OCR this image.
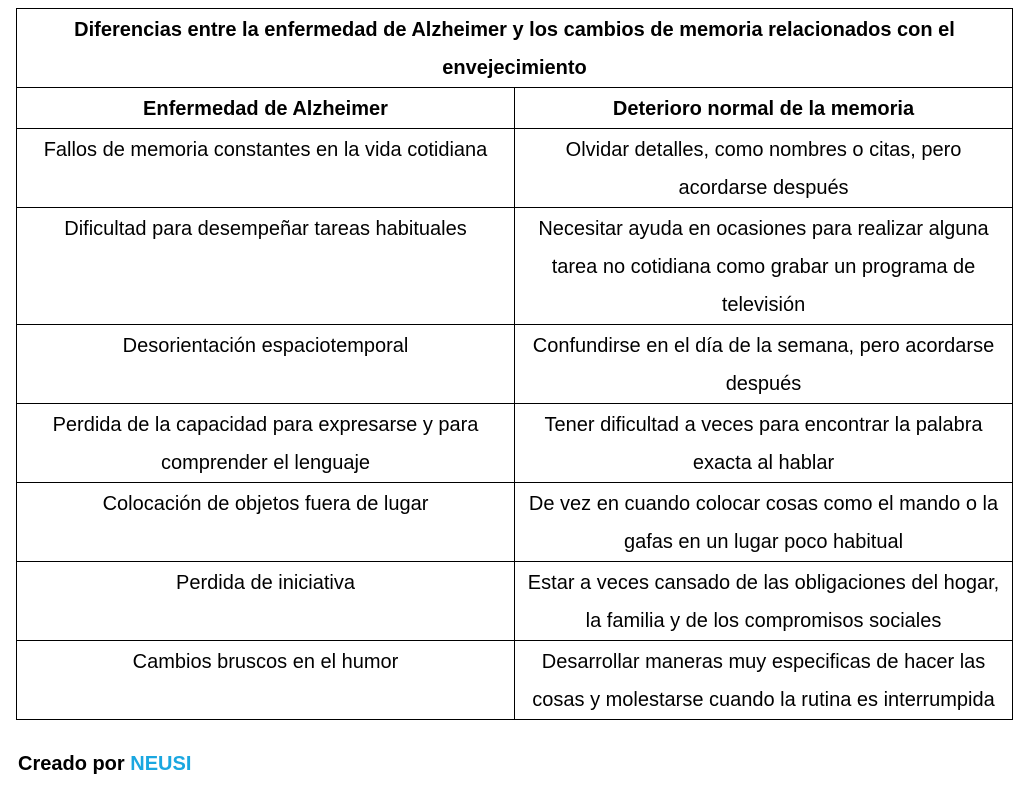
Diferencias entre la enfermedad de Alzheimer y los cambios de memoria relacionados con el envejecimiento	
Enfermedad de Alzheimer	Deterioro normal de la memoria
Fallos de memoria constantes en la vida cotidiana	Olvidar detalles, como nombres o citas, pero acordarse después
Dificultad para desempeñar tareas habituales	Necesitar ayuda en ocasiones para realizar alguna tarea no cotidiana como grabar un programa de televisión
Desorientación espaciotemporal	Confundirse en el día de la semana, pero acordarse después
Perdida de la capacidad para expresarse y para comprender el lenguaje	Tener dificultad a veces para encontrar la palabra exacta al hablar
Colocación de objetos fuera de lugar	De vez en cuando colocar cosas como el mando o la gafas en un lugar poco habitual
Perdida de iniciativa	Estar a veces cansado de las obligaciones del hogar, la familia y de los compromisos sociales
Cambios bruscos en el humor	Desarrollar maneras muy especificas de hacer las cosas y molestarse cuando la rutina es interrumpida
Creado por NEUSI
